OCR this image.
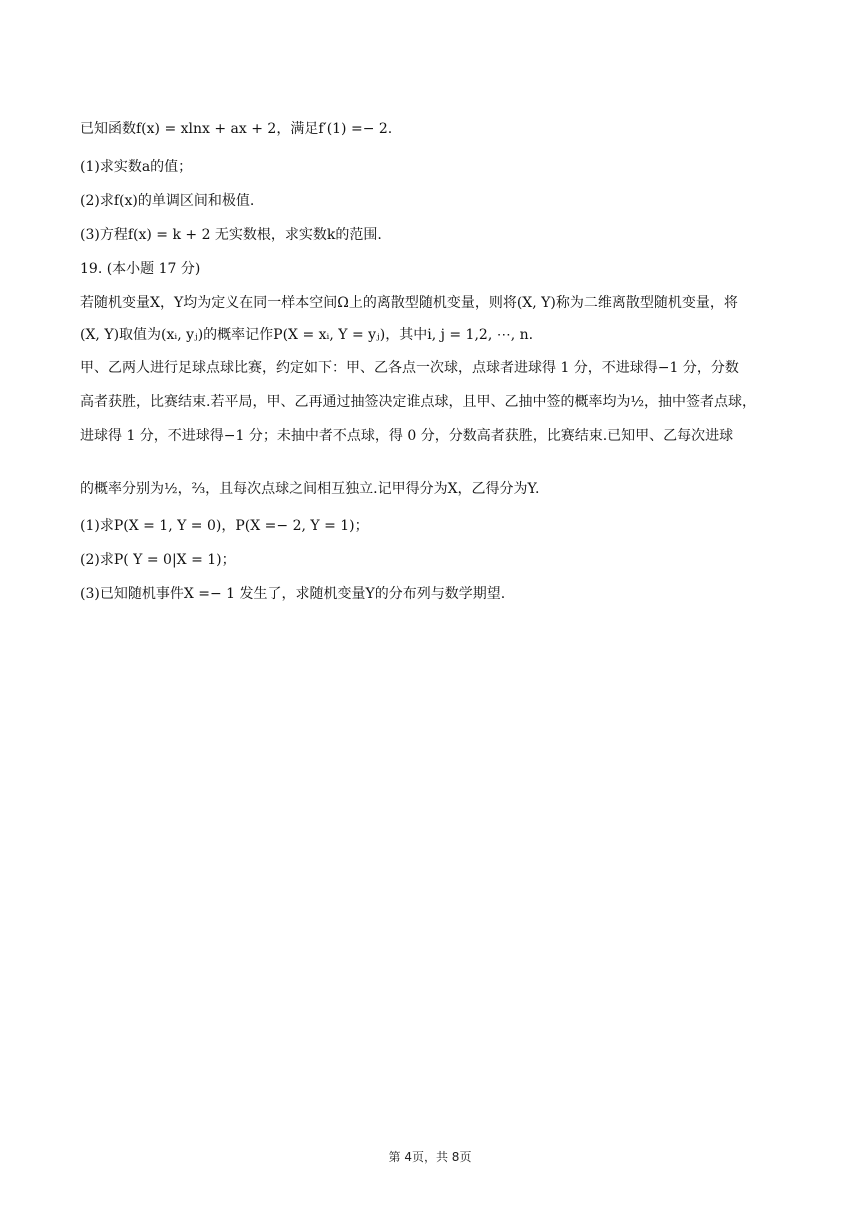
已知函数f(x) = xlnx + ax + 2，满足f′(1) =− 2.
(1)求实数a的值；
(2)求f(x)的单调区间和极值.
(3)方程f(x) = k + 2 无实数根，求实数k的范围.
19. (本小题 17 分)
若随机变量X，Y均为定义在同一样本空间Ω上的离散型随机变量，则将(X, Y)称为二维离散型随机变量，将
(X, Y)取值为(xᵢ, yⱼ)的概率记作P(X = xᵢ, Y = yⱼ)，其中i, j = 1,2, ⋯, n.
甲、乙两人进行足球点球比赛，约定如下：甲、乙各点一次球，点球者进球得 1 分，不进球得−1 分，分数
高者获胜，比赛结束.若平局，甲、乙再通过抽签决定谁点球，且甲、乙抽中签的概率均为½，抽中签者点球，
进球得 1 分，不进球得−1 分；未抽中者不点球，得 0 分，分数高者获胜，比赛结束.已知甲、乙每次进球
的概率分别为½，⅔，且每次点球之间相互独立.记甲得分为X，乙得分为Y.
(1)求P(X = 1, Y = 0)，P(X =− 2, Y = 1)；
(2)求P( Y = 0|X = 1)；
(3)已知随机事件X =− 1 发生了，求随机变量Y的分布列与数学期望.
第 4页，共 8页
